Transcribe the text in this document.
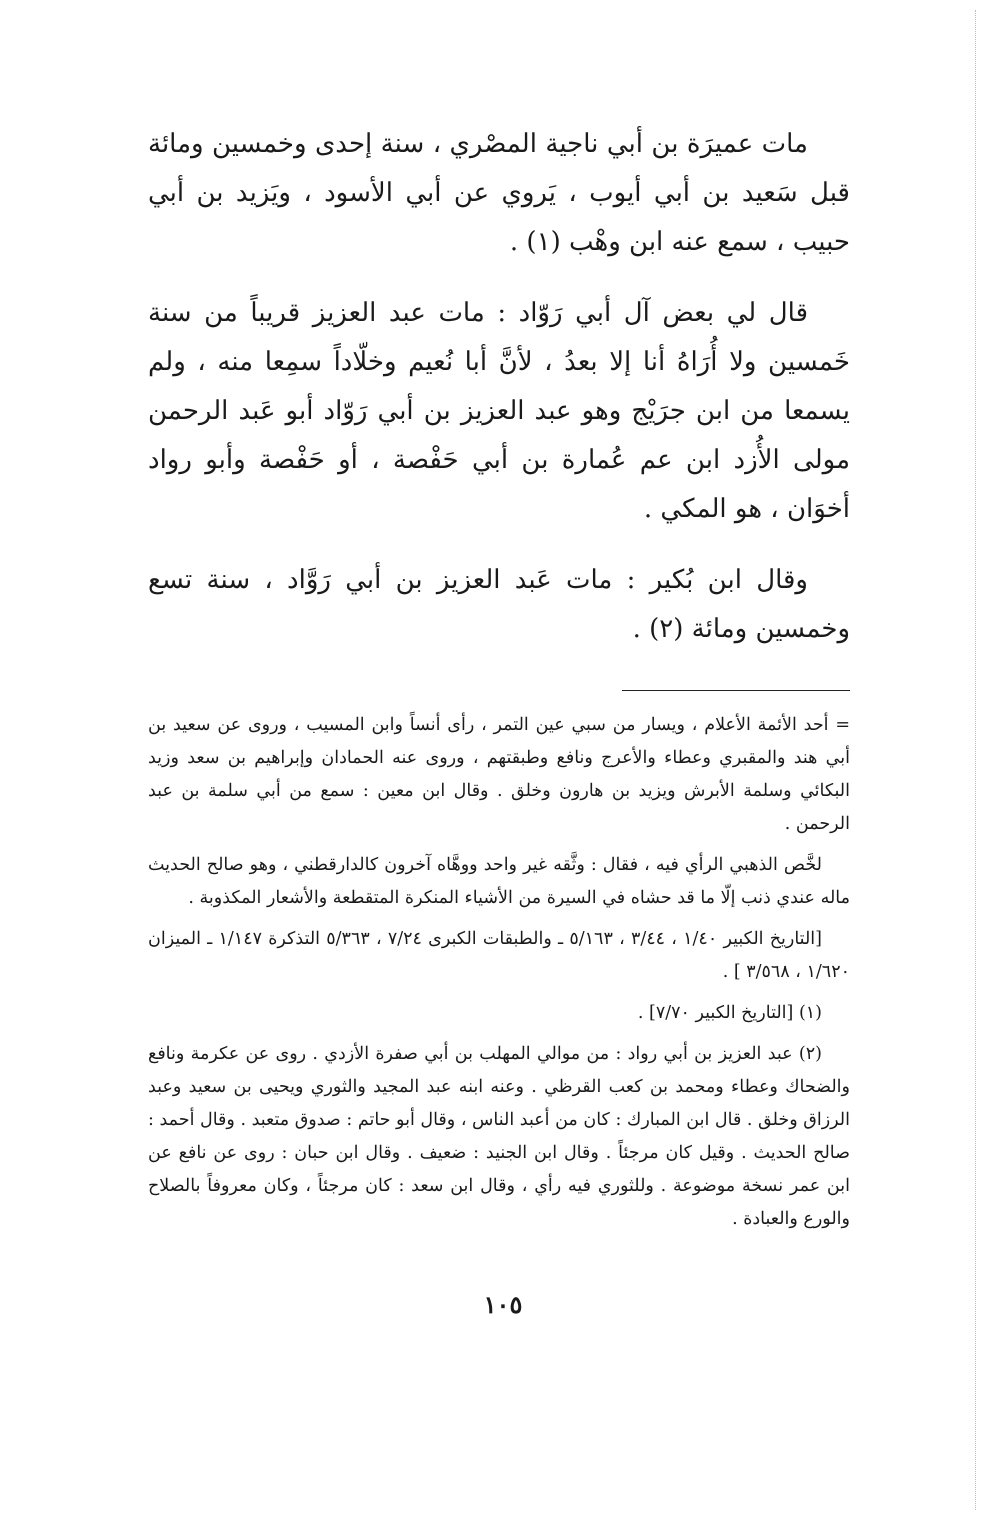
مات عميرَة بن أبي ناجية المصْري ، سنة إحدى وخمسين ومائة قبل سَعيد بن أبي أيوب ، يَروي عن أبي الأسود ، ويَزيد بن أبي حبيب ، سمع عنه ابن وهْب (١) .

قال لي بعض آل أبي رَوّاد : مات عبد العزيز قريباً من سنة خَمسين ولا أُرَاهُ أنا إلا بعدُ ، لأنَّ أبا نُعيم وخلّاداً سمِعا منه ، ولم يسمعا من ابن جرَيْج وهو عبد العزيز بن أبي رَوّاد أبو عَبد الرحمن مولى الأُزد ابن عم عُمارة بن أبي حَفْصة ، أو حَفْصة وأبو رواد أخوَان ، هو المكي .

وقال ابن بُكير : مات عَبد العزيز بن أبي رَوَّاد ، سنة تسع وخمسين ومائة (٢) .

= أحد الأئمة الأعلام ، ويسار من سبي عين التمر ، رأى أنساً وابن المسيب ، وروى عن سعيد بن أبي هند والمقبري وعطاء والأعرج ونافع وطبقتهم ، وروى عنه الحمادان وإبراهيم بن سعد وزيد البكائي وسلمة الأبرش ويزيد بن هارون وخلق . وقال ابن معين : سمع من أبي سلمة بن عبد الرحمن .

لخَّص الذهبي الرأي فيه ، فقال : وثَّقه غير واحد ووهَّاه آخرون كالدارقطني ، وهو صالح الحديث ماله عندي ذنب إلّا ما قد حشاه في السيرة من الأشياء المنكرة المتقطعة والأشعار المكذوبة .

[التاريخ الكبير ١/٤٠ ، ٣/٤٤ ، ٥/١٦٣ ـ والطبقات الكبرى ٧/٢٤ ، ٥/٣٦٣ التذكرة ١/١٤٧ ـ الميزان ١/٦٢٠ ، ٣/٥٦٨ ] .

(١) [التاريخ الكبير ٧/٧٠] .

(٢) عبد العزيز بن أبي رواد : من موالي المهلب بن أبي صفرة الأزدي . روى عن عكرمة ونافع والضحاك وعطاء ومحمد بن كعب القرظي . وعنه ابنه عبد المجيد والثوري ويحيى بن سعيد وعبد الرزاق وخلق . قال ابن المبارك : كان من أعبد الناس ، وقال أبو حاتم : صدوق متعبد . وقال أحمد : صالح الحديث . وقيل كان مرجئاً . وقال ابن الجنيد : ضعيف . وقال ابن حبان : روى عن نافع عن ابن عمر نسخة موضوعة . وللثوري فيه رأي ، وقال ابن سعد : كان مرجئاً ، وكان معروفاً بالصلاح والورع والعبادة .

١٠٥
